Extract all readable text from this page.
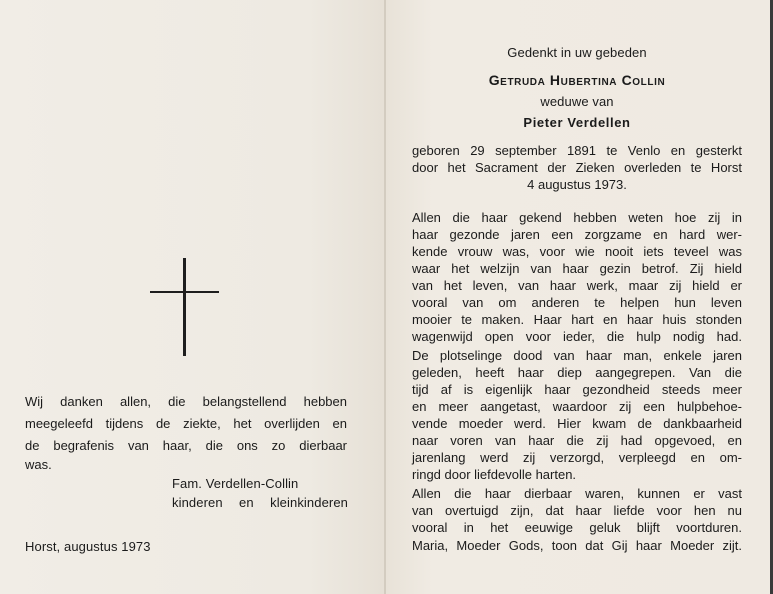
Wij danken allen, die belangstellend hebben
meegeleefd tijdens de ziekte, het overlijden en
de begrafenis van haar, die ons zo dierbaar
was.
Fam. Verdellen-Collin
kinderen en kleinkinderen
Horst, augustus 1973
Gedenkt in uw gebeden
Getruda Hubertina Collin
weduwe van
Pieter Verdellen
geboren 29 september 1891 te Venlo en gesterkt
door het Sacrament der Zieken overleden te Horst
4 augustus 1973.
Allen die haar gekend hebben weten hoe zij in
haar gezonde jaren een zorgzame en hard wer-
kende vrouw was, voor wie nooit iets teveel was
waar het welzijn van haar gezin betrof. Zij hield
van het leven, van haar werk, maar zij hield er
vooral van om anderen te helpen hun leven
mooier te maken. Haar hart en haar huis stonden
wagenwijd open voor ieder, die hulp nodig had.
De plotselinge dood van haar man, enkele jaren
geleden, heeft haar diep aangegrepen. Van die
tijd af is eigenlijk haar gezondheid steeds meer
en meer aangetast, waardoor zij een hulpbehoe-
vende moeder werd. Hier kwam de dankbaarheid
naar voren van haar die zij had opgevoed, en
jarenlang werd zij verzorgd, verpleegd en om-
ringd door liefdevolle harten.
Allen die haar dierbaar waren, kunnen er vast
van overtuigd zijn, dat haar liefde voor hen nu
vooral in het eeuwige geluk blijft voortduren.
Maria, Moeder Gods, toon dat Gij haar Moeder zijt.
